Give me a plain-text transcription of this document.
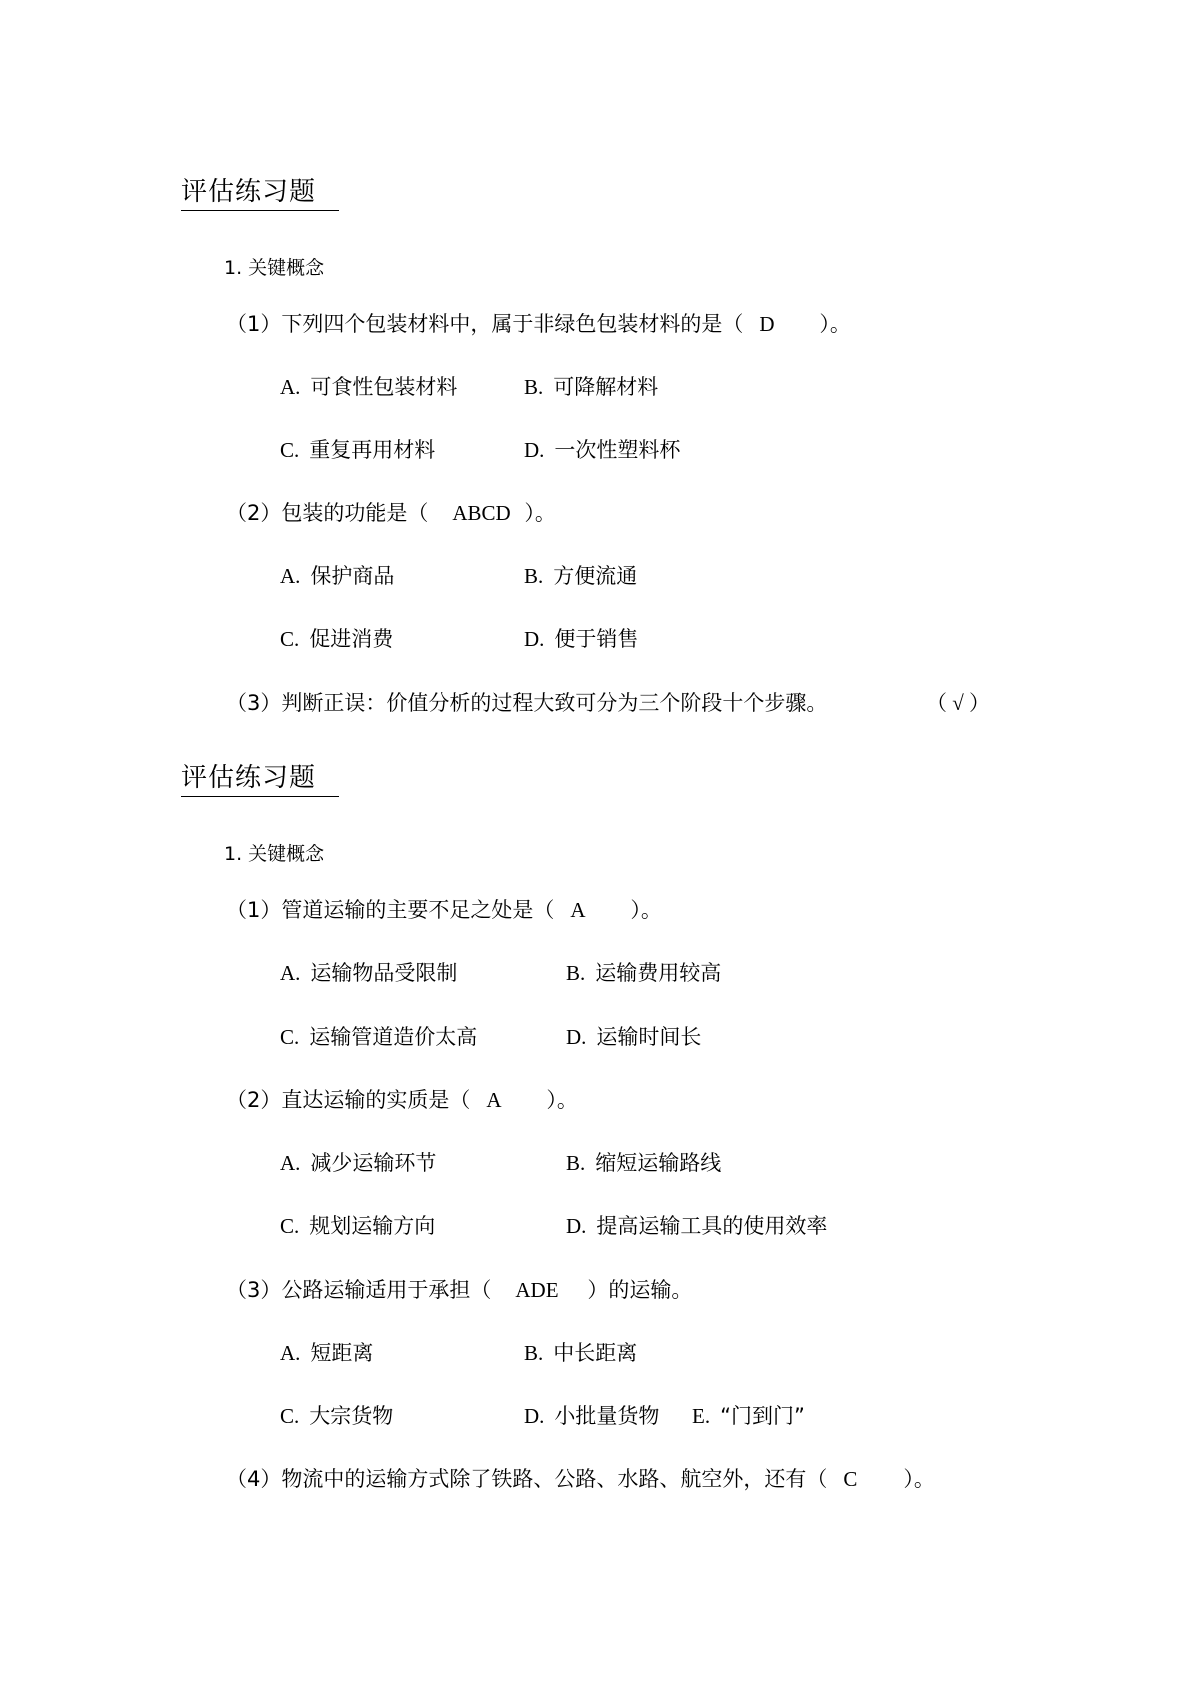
评估练习题
1. 关键概念
（1）下列四个包装材料中，属于非绿色包装材料的是（ D ）。
A. 可食性包装材料	B. 可降解材料
C. 重复再用材料	D. 一次性塑料杯
（2）包装的功能是（ ABCD ）。
A. 保护商品	B. 方便流通
C. 促进消费	D. 便于销售
（3）判断正误：价值分析的过程大致可分为三个阶段十个步骤。	（ √ ）
评估练习题
1. 关键概念
（1）管道运输的主要不足之处是（ A ）。
A. 运输物品受限制	B. 运输费用较高
C. 运输管道造价太高	D. 运输时间长
（2）直达运输的实质是（ A ）。
A. 减少运输环节	B. 缩短运输路线
C. 规划运输方向	D. 提高运输工具的使用效率
（3）公路运输适用于承担（ ADE ）的运输。
A. 短距离	B. 中长距离
C. 大宗货物	D. 小批量货物 E. “门到门”
（4）物流中的运输方式除了铁路、公路、水路、航空外，还有（ C ）。
